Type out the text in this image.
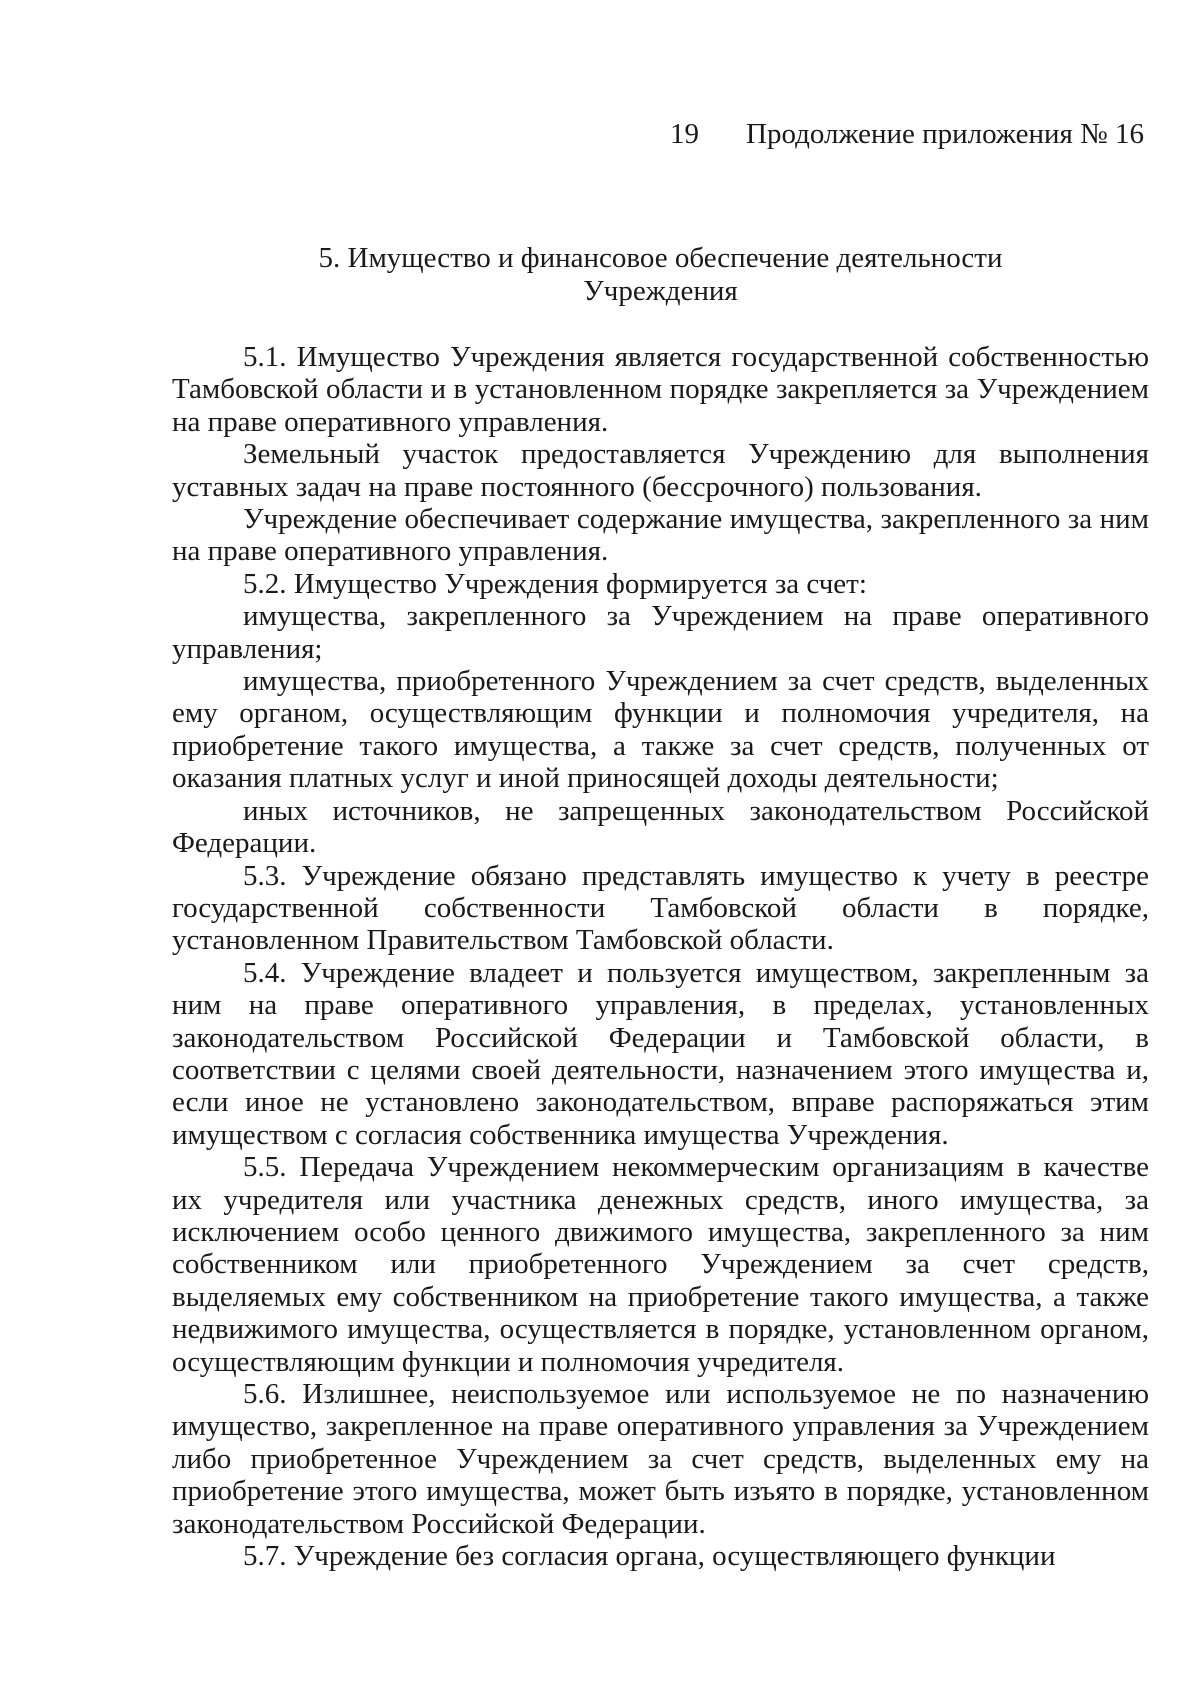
19 Продолжение приложения № 16
5. Имущество и финансовое обеспечение деятельности
Учреждения

5.1. Имущество Учреждения является государственной собственностью Тамбовской области и в установленном порядке закрепляется за Учреждением на праве оперативного управления.

Земельный участок предоставляется Учреждению для выполнения уставных задач на праве постоянного (бессрочного) пользования.

Учреждение обеспечивает содержание имущества, закрепленного за ним на праве оперативного управления.

5.2. Имущество Учреждения формируется за счет:

имущества, закрепленного за Учреждением на праве оперативного управления;

имущества, приобретенного Учреждением за счет средств, выделенных ему органом, осуществляющим функции и полномочия учредителя, на приобретение такого имущества, а также за счет средств, полученных от оказания платных услуг и иной приносящей доходы деятельности;

иных источников, не запрещенных законодательством Российской Федерации.

5.3. Учреждение обязано представлять имущество к учету в реестре государственной собственности Тамбовской области в порядке, установленном Правительством Тамбовской области.

5.4. Учреждение владеет и пользуется имуществом, закрепленным за ним на праве оперативного управления, в пределах, установленных законодательством Российской Федерации и Тамбовской области, в соответствии с целями своей деятельности, назначением этого имущества и, если иное не установлено законодательством, вправе распоряжаться этим имуществом с согласия собственника имущества Учреждения.

5.5. Передача Учреждением некоммерческим организациям в качестве их учредителя или участника денежных средств, иного имущества, за исключением особо ценного движимого имущества, закрепленного за ним собственником или приобретенного Учреждением за счет средств, выделяемых ему собственником на приобретение такого имущества, а также недвижимого имущества, осуществляется в порядке, установленном органом, осуществляющим функции и полномочия учредителя.

5.6. Излишнее, неиспользуемое или используемое не по назначению имущество, закрепленное на праве оперативного управления за Учреждением либо приобретенное Учреждением за счет средств, выделенных ему на приобретение этого имущества, может быть изъято в порядке, установленном законодательством Российской Федерации.

5.7. Учреждение без согласия органа, осуществляющего функции
